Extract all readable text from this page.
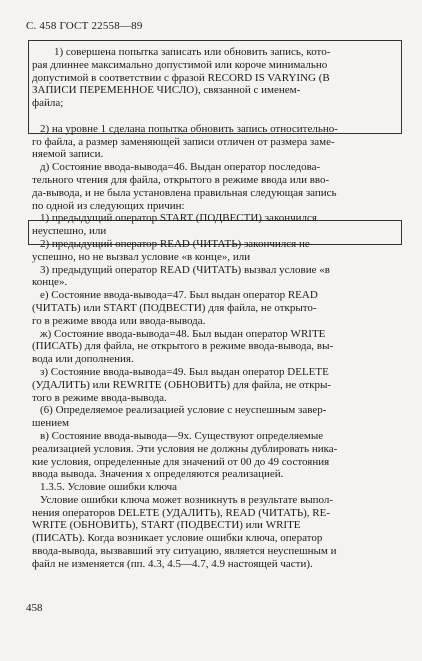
С. 458 ГОСТ 22558—89
1) совершена попытка записать или обновить запись, кото-
рая длиннее максимально допустимой или короче минимально
допустимой в соответствии с фразой RECORD IS VARYING (В
ЗАПИСИ ПЕРЕМЕННОЕ ЧИСЛО), связанной с именем-
файла;

2) на уровне 1 сделана попытка обновить запись относительно-
го файла, а размер заменяющей записи отличен от размера заме-
няемой записи.
д) Состояние ввода-вывода=46. Выдан оператор последова-
тельного чтения для файла, открытого в режиме ввода или вво-
да-вывода, и не была установлена правильная следующая запись
по одной из следующих причин:
1) предыдущий оператор START (ПОДВЕСТИ) закончился
неуспешно, или
2) предыдущий оператор READ (ЧИТАТЬ) закончился не-
успешно, но не вызвал условие «в конце», или
3) предыдущий оператор READ (ЧИТАТЬ) вызвал условие «в
конце».
е) Состояние ввода-вывода=47. Был выдан оператор READ
(ЧИТАТЬ) или START (ПОДВЕСТИ) для файла, не открыто-
го в режиме ввода или ввода-вывода.
ж) Состояние ввода-вывода=48. Был выдан оператор WRITE
(ПИСАТЬ) для файла, не открытого в режиме ввода-вывода, вы-
вода или дополнения.
з) Состояние ввода-вывода=49. Был выдан оператор DELETE
(УДАЛИТЬ) или REWRITE (ОБНОВИТЬ) для файла, не откры-
того в режиме ввода-вывода.
(6) Определяемое реализацией условие с неуспешным завер-
шением
в) Состояние ввода-вывода—9х. Существуют определяемые
реализацией условия. Эти условия не должны дублировать ника-
кие условия, определенные для значений от 00 до 49 состояния
ввода вывода. Значения х определяются реализацией.
1.3.5. Условие ошибки ключа
Условие ошибки ключа может возникнуть в результате выпол-
нения операторов DELETE (УДАЛИТЬ), READ (ЧИТАТЬ), RE-
WRITE (ОБНОВИТЬ), START (ПОДВЕСТИ) или WRITE
(ПИСАТЬ). Когда возникает условие ошибки ключа, оператор
ввода-вывода, вызвавший эту ситуацию, является неуспешным и
файл не изменяется (пп. 4.3, 4.5—4.7, 4.9 настоящей части).
458
